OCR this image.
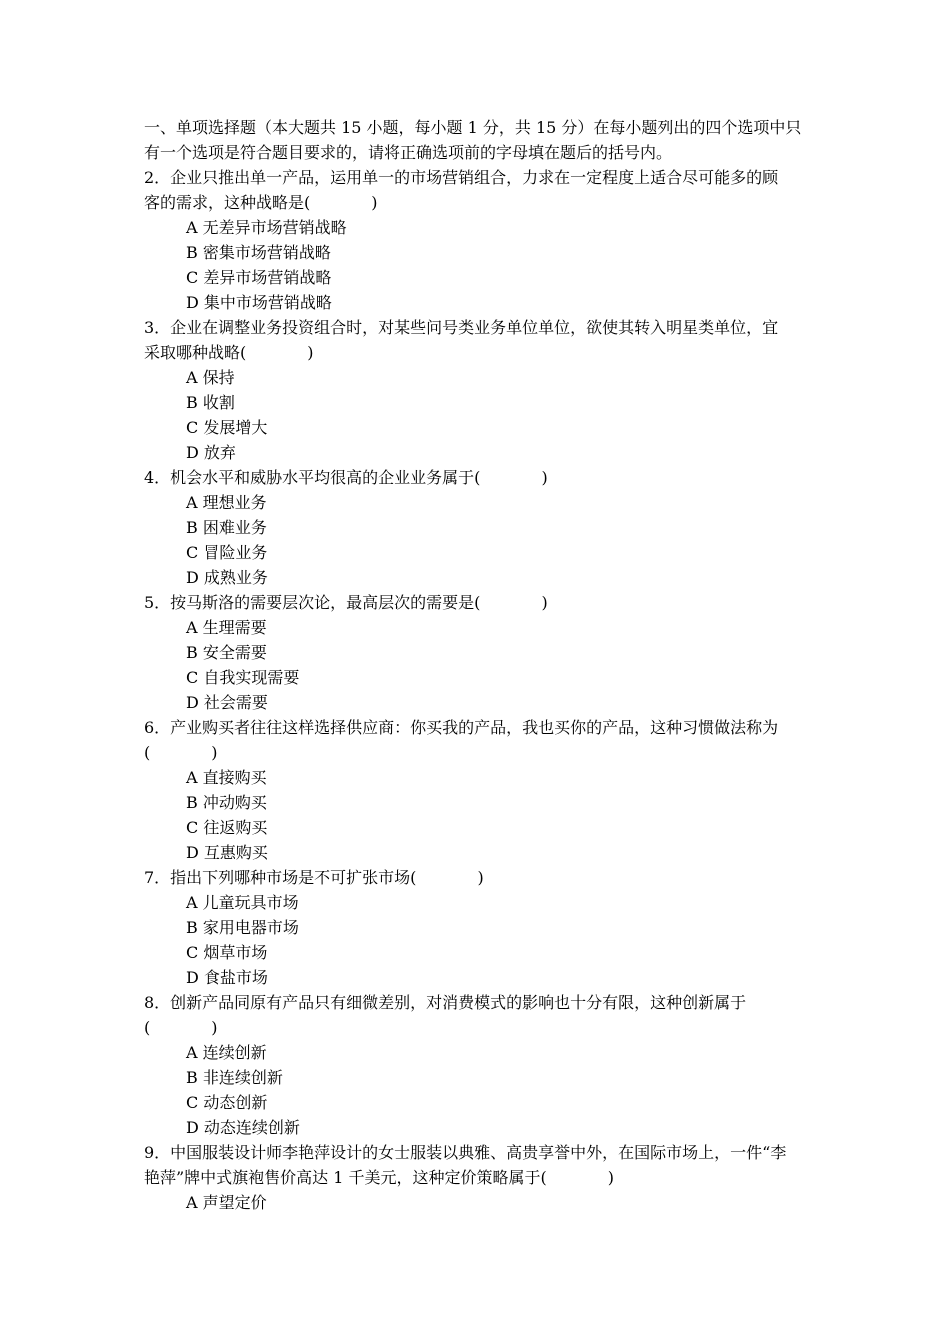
一、单项选择题（本大题共 15 小题，每小题 1 分，共 15 分）在每小题列出的四个选项中只
有一个选项是符合题目要求的，请将正确选项前的字母填在题后的括号内。
2．企业只推出单一产品，运用单一的市场营销组合，力求在一定程度上适合尽可能多的顾
客的需求，这种战略是(            )
A 无差异市场营销战略
B 密集市场营销战略
C 差异市场营销战略
D 集中市场营销战略
3．企业在调整业务投资组合时，对某些问号类业务单位单位，欲使其转入明星类单位，宜
采取哪种战略(            )
A 保持
B 收割
C 发展增大
D 放弃
4．机会水平和威胁水平均很高的企业业务属于(            )
A 理想业务
B 困难业务
C 冒险业务
D 成熟业务
5．按马斯洛的需要层次论，最高层次的需要是(            )
A 生理需要
B 安全需要
C 自我实现需要
D 社会需要
6．产业购买者往往这样选择供应商：你买我的产品，我也买你的产品，这种习惯做法称为
(            )
A 直接购买
B 冲动购买
C 往返购买
D 互惠购买
7．指出下列哪种市场是不可扩张市场(            )
A 儿童玩具市场
B 家用电器市场
C 烟草市场
D 食盐市场
8．创新产品同原有产品只有细微差别，对消费模式的影响也十分有限，这种创新属于
(            )
A 连续创新
B 非连续创新
C 动态创新
D 动态连续创新
9．中国服装设计师李艳萍设计的女士服装以典雅、高贵享誉中外，在国际市场上，一件“李
艳萍”牌中式旗袍售价高达 1 千美元，这种定价策略属于(            )
A 声望定价
